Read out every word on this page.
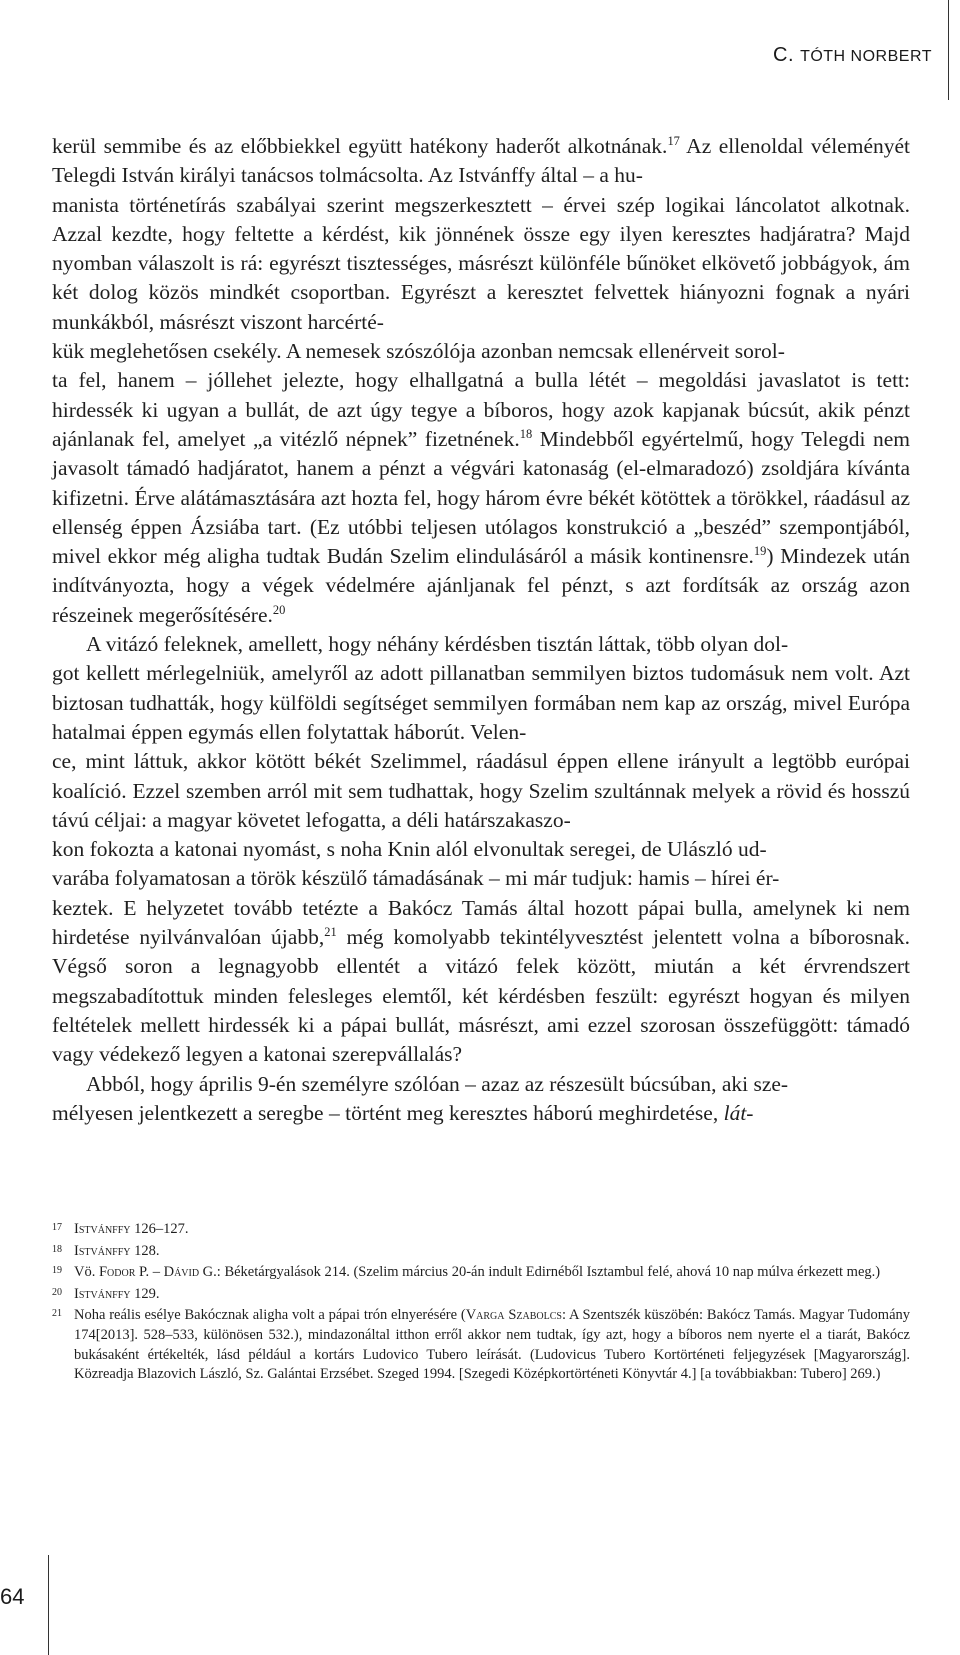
C. TÓTH NORBERT

kerül semmibe és az előbbiekkel együtt hatékony haderőt alkotnának.$^{17}$ Az ellenoldal véleményét Telegdi István királyi tanácsos tolmácsolta. Az Istvánffy által – a hu-
manista történetírás szabályai szerint megszerkesztett – érvei szép logikai láncolatot alkotnak. Azzal kezdte, hogy feltette a kérdést, kik jönnének össze egy ilyen keresztes hadjáratra? Majd nyomban válaszolt is rá: egyrészt tisztességes, másrészt különféle bűnöket elkövető jobbágyok, ám két dolog közös mindkét csoportban. Egyrészt a keresztet felvettek hiányozni fognak a nyári munkákból, másrészt viszont harcérté-
kük meglehetősen csekély. A nemesek szószólója azonban nemcsak ellenérveit sorol-
ta fel, hanem – jóllehet jelezte, hogy elhallgatná a bulla létét – megoldási javaslatot is tett: hirdessék ki ugyan a bullát, de azt úgy tegye a bíboros, hogy azok kapjanak búcsút, akik pénzt ajánlanak fel, amelyet „a vitézlő népnek” fizetnének.$^{18}$ Mindebből egyértelmű, hogy Telegdi nem javasolt támadó hadjáratot, hanem a pénzt a végvári katonaság (el-elmaradozó) zsoldjára kívánta kifizetni. Érve alátámasztására azt hozta fel, hogy három évre békét kötöttek a törökkel, ráadásul az ellenség éppen Ázsiába tart. (Ez utóbbi teljesen utólagos konstrukció a „beszéd” szempontjából, mivel ekkor még aligha tudtak Budán Szelim elindulásáról a másik kontinensre.$^{19}$) Mindezek után indítványozta, hogy a végek védelmére ajánljanak fel pénzt, s azt fordítsák az ország azon részeinek megerősítésére.$^{20}$

A vitázó feleknek, amellett, hogy néhány kérdésben tisztán láttak, több olyan dol-
got kellett mérlegelniük, amelyről az adott pillanatban semmilyen biztos tudomásuk nem volt. Azt biztosan tudhatták, hogy külföldi segítséget semmilyen formában nem kap az ország, mivel Európa hatalmai éppen egymás ellen folytattak háborút. Velen-
ce, mint láttuk, akkor kötött békét Szelimmel, ráadásul éppen ellene irányult a legtöbb európai koalíció. Ezzel szemben arról mit sem tudhattak, hogy Szelim szultánnak melyek a rövid és hosszú távú céljai: a magyar követet lefogatta, a déli határszakaszo-
kon fokozta a katonai nyomást, s noha Knin alól elvonultak seregei, de Ulászló ud-
varába folyamatosan a török készülő támadásának – mi már tudjuk: hamis – hírei ér-
keztek. E helyzetet tovább tetézte a Bakócz Tamás által hozott pápai bulla, amelynek ki nem hirdetése nyilvánvalóan újabb,$^{21}$ még komolyabb tekintélyvesztést jelentett volna a bíborosnak. Végső soron a legnagyobb ellentét a vitázó felek között, miután a két érvrendszert megszabadítottuk minden felesleges elemtől, két kérdésben feszült: egyrészt hogyan és milyen feltételek mellett hirdessék ki a pápai bullát, másrészt, ami ezzel szorosan összefüggött: támadó vagy védekező legyen a katonai szerepvállalás?

Abból, hogy április 9-én személyre szólóan – azaz az részesült búcsúban, aki sze-
mélyesen jelentkezett a seregbe – történt meg keresztes háború meghirdetése, lát-

17 Istvánffy 126–127.
18 Istvánffy 128.
19 Vö. Fodor P. – Dávid G.: Béketárgyalások 214. (Szelim március 20-án indult Edirnéből Isztambul felé, ahová 10 nap múlva érkezett meg.)
20 Istvánffy 129.
21 Noha reális esélye Bakócznak aligha volt a pápai trón elnyerésére (Varga Szabolcs: A Szentszék küszöbén: Bakócz Tamás. Magyar Tudomány 174[2013]. 528–533, különösen 532.), mindazonáltal itthon erről akkor nem tudtak, így azt, hogy a bíboros nem nyerte el a tiarát, Bakócz bukásaként értékelték, lásd például a kortárs Ludovico Tubero leírását. (Ludovicus Tubero Kortörténeti feljegyzések [Magyarország]. Közreadja Blazovich László, Sz. Galántai Erzsébet. Szeged 1994. [Szegedi Középkortörténeti Könyvtár 4.] [a továbbiakban: Tubero] 269.)
64
